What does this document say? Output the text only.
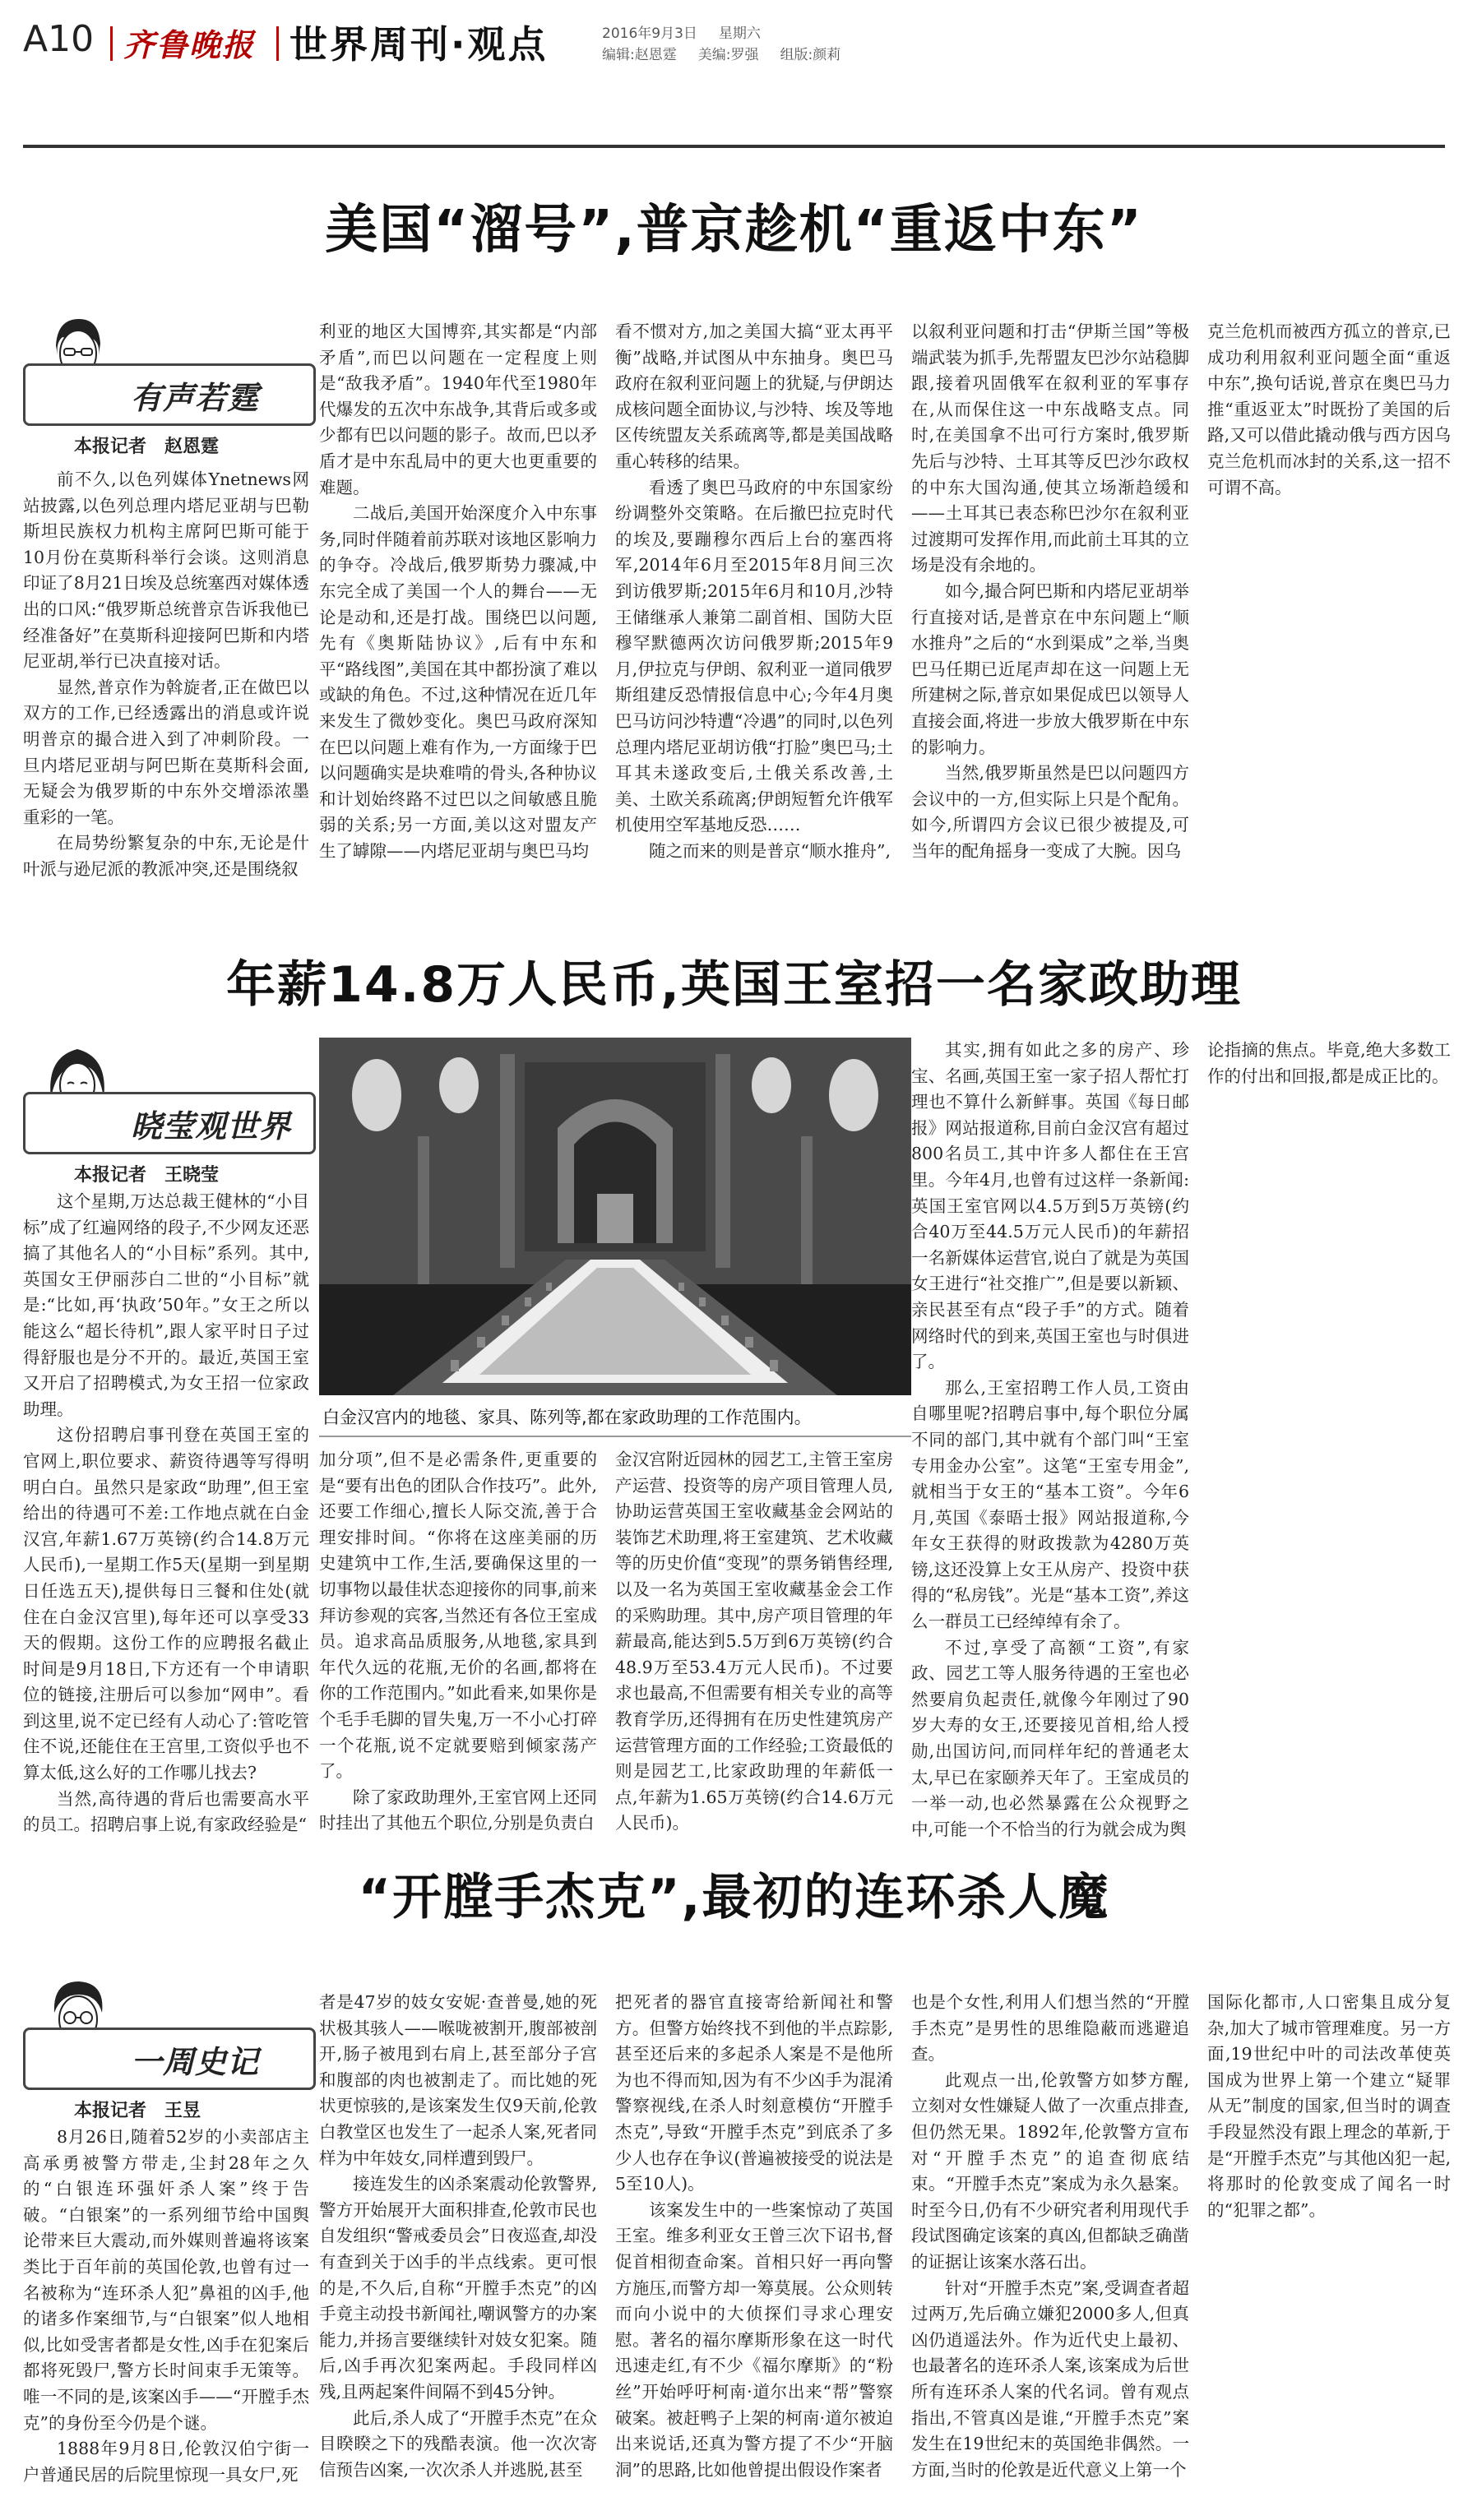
A10 齐鲁晚报 世界周刊·观点	2016年9月3日 星期六
编辑:赵恩霆 美编:罗强 组版:颜莉
美国“溜号”,普京趁机“重返中东”
有声若霆
本报记者　赵恩霆

前不久,以色列媒体Ynetnews网站披露,以色列总理内塔尼亚胡与巴勒斯坦民族权力机构主席阿巴斯可能于10月份在莫斯科举行会谈。这则消息印证了8月21日埃及总统塞西对媒体透出的口风:“俄罗斯总统普京告诉我他已经准备好”在莫斯科迎接阿巴斯和内塔尼亚胡,举行已决直接对话。

显然,普京作为斡旋者,正在做巴以双方的工作,已经透露出的消息或许说明普京的撮合进入到了冲刺阶段。一旦内塔尼亚胡与阿巴斯在莫斯科会面,无疑会为俄罗斯的中东外交增添浓墨重彩的一笔。

在局势纷繁复杂的中东,无论是什叶派与逊尼派的教派冲突,还是围绕叙

利亚的地区大国博弈,其实都是“内部矛盾”,而巴以问题在一定程度上则是“敌我矛盾”。1940年代至1980年代爆发的五次中东战争,其背后或多或少都有巴以问题的影子。故而,巴以矛盾才是中东乱局中的更大也更重要的难题。

二战后,美国开始深度介入中东事务,同时伴随着前苏联对该地区影响力的争夺。冷战后,俄罗斯势力骤减,中东完全成了美国一个人的舞台——无论是动和,还是打战。围绕巴以问题,先有《奥斯陆协议》,后有中东和平“路线图”,美国在其中都扮演了难以或缺的角色。不过,这种情况在近几年来发生了微妙变化。奥巴马政府深知在巴以问题上难有作为,一方面缘于巴以问题确实是块难啃的骨头,各种协议和计划始终路不过巴以之间敏感且脆弱的关系;另一方面,美以这对盟友产生了罅隙——内塔尼亚胡与奥巴马均

看不惯对方,加之美国大搞“亚太再平衡”战略,并试图从中东抽身。奥巴马政府在叙利亚问题上的犹疑,与伊朗达成核问题全面协议,与沙特、埃及等地区传统盟友关系疏离等,都是美国战略重心转移的结果。

看透了奥巴马政府的中东国家纷纷调整外交策略。在后撤巴拉克时代的埃及,要蹦穆尔西后上台的塞西将军,2014年6月至2015年8月间三次到访俄罗斯;2015年6月和10月,沙特王储继承人兼第二副首相、国防大臣穆罕默德两次访问俄罗斯;2015年9月,伊拉克与伊朗、叙利亚一道同俄罗斯组建反恐情报信息中心;今年4月奥巴马访问沙特遭“冷遇”的同时,以色列总理内塔尼亚胡访俄“打脸”奥巴马;土耳其未遂政变后,土俄关系改善,土美、土欧关系疏离;伊朗短暂允许俄军机使用空军基地反恐……

随之而来的则是普京“顺水推舟”,

以叙利亚问题和打击“伊斯兰国”等极端武装为抓手,先帮盟友巴沙尔站稳脚跟,接着巩固俄军在叙利亚的军事存在,从而保住这一中东战略支点。同时,在美国拿不出可行方案时,俄罗斯先后与沙特、土耳其等反巴沙尔政权的中东大国沟通,使其立场渐趋缓和——土耳其已表态称巴沙尔在叙利亚过渡期可发挥作用,而此前土耳其的立场是没有余地的。

如今,撮合阿巴斯和内塔尼亚胡举行直接对话,是普京在中东问题上“顺水推舟”之后的“水到渠成”之举,当奥巴马任期已近尾声却在这一问题上无所建树之际,普京如果促成巴以领导人直接会面,将进一步放大俄罗斯在中东的影响力。

当然,俄罗斯虽然是巴以问题四方会议中的一方,但实际上只是个配角。如今,所谓四方会议已很少被提及,可当年的配角摇身一变成了大腕。因乌

克兰危机而被西方孤立的普京,已成功利用叙利亚问题全面“重返中东”,换句话说,普京在奥巴马力推“重返亚太”时既扮了美国的后路,又可以借此撬动俄与西方因乌克兰危机而冰封的关系,这一招不可谓不高。

年薪14.8万人民币,英国王室招一名家政助理
晓莹观世界
本报记者　王晓莹
白金汉宫内的地毯、家具、陈列等,都在家政助理的工作范围内。

这个星期,万达总裁王健林的“小目标”成了红遍网络的段子,不少网友还恶搞了其他名人的“小目标”系列。其中,英国女王伊丽莎白二世的“小目标”就是:“比如,再‘执政’50年。”女王之所以能这么“超长待机”,跟人家平时日子过得舒服也是分不开的。最近,英国王室又开启了招聘模式,为女王招一位家政助理。

这份招聘启事刊登在英国王室的官网上,职位要求、薪资待遇等写得明明白白。虽然只是家政“助理”,但王室给出的待遇可不差:工作地点就在白金汉宫,年薪1.67万英镑(约合14.8万元人民币),一星期工作5天(星期一到星期日任选五天),提供每日三餐和住处(就住在白金汉宫里),每年还可以享受33天的假期。这份工作的应聘报名截止时间是9月18日,下方还有一个申请职位的链接,注册后可以参加“网申”。看到这里,说不定已经有人动心了:管吃管住不说,还能住在王宫里,工资似乎也不算太低,这么好的工作哪儿找去?

当然,高待遇的背后也需要高水平的员工。招聘启事上说,有家政经验是“

加分项”,但不是必需条件,更重要的是“要有出色的团队合作技巧”。此外,还要工作细心,擅长人际交流,善于合理安排时间。“你将在这座美丽的历史建筑中工作,生活,要确保这里的一切事物以最佳状态迎接你的同事,前来拜访参观的宾客,当然还有各位王室成员。追求高品质服务,从地毯,家具到年代久远的花瓶,无价的名画,都将在你的工作范围内。”如此看来,如果你是个毛手毛脚的冒失鬼,万一不小心打碎一个花瓶,说不定就要赔到倾家荡产了。

除了家政助理外,王室官网上还同时挂出了其他五个职位,分别是负责白

金汉宫附近园林的园艺工,主管王室房产运营、投资等的房产项目管理人员,协助运营英国王室收藏基金会网站的装饰艺术助理,将王室建筑、艺术收藏等的历史价值“变现”的票务销售经理,以及一名为英国王室收藏基金会工作的采购助理。其中,房产项目管理的年薪最高,能达到5.5万到6万英镑(约合48.9万至53.4万元人民币)。不过要求也最高,不但需要有相关专业的高等教育学历,还得拥有在历史性建筑房产运营管理方面的工作经验;工资最低的则是园艺工,比家政助理的年薪低一点,年薪为1.65万英镑(约合14.6万元人民币)。

其实,拥有如此之多的房产、珍宝、名画,英国王室一家子招人帮忙打理也不算什么新鲜事。英国《每日邮报》网站报道称,目前白金汉宫有超过800名员工,其中许多人都住在王宫里。今年4月,也曾有过这样一条新闻:英国王室官网以4.5万到5万英镑(约合40万至44.5万元人民币)的年薪招一名新媒体运营官,说白了就是为英国女王进行“社交推广”,但是要以新颖、亲民甚至有点“段子手”的方式。随着网络时代的到来,英国王室也与时俱进了。

那么,王室招聘工作人员,工资由自哪里呢?招聘启事中,每个职位分属不同的部门,其中就有个部门叫“王室专用金办公室”。这笔“王室专用金”,就相当于女王的“基本工资”。今年6月,英国《泰晤士报》网站报道称,今年女王获得的财政拨款为4280万英镑,这还没算上女王从房产、投资中获得的“私房钱”。光是“基本工资”,养这么一群员工已经绰绰有余了。

不过,享受了高额“工资”,有家政、园艺工等人服务待遇的王室也必然要肩负起责任,就像今年刚过了90岁大寿的女王,还要接见首相,给人授勋,出国访问,而同样年纪的普通老太太,早已在家颐养天年了。王室成员的一举一动,也必然暴露在公众视野之中,可能一个不恰当的行为就会成为舆

论指摘的焦点。毕竟,绝大多数工作的付出和回报,都是成正比的。

“开膛手杰克”,最初的连环杀人魔
一周史记
本报记者　王昱

8月26日,随着52岁的小卖部店主高承勇被警方带走,尘封28年之久的“白银连环强奸杀人案”终于告破。“白银案”的一系列细节给中国舆论带来巨大震动,而外媒则普遍将该案类比于百年前的英国伦敦,也曾有过一名被称为“连环杀人犯”鼻祖的凶手,他的诸多作案细节,与“白银案”似人地相似,比如受害者都是女性,凶手在犯案后都将死毁尸,警方长时间束手无策等。唯一不同的是,该案凶手——“开膛手杰克”的身份至今仍是个谜。

1888年9月8日,伦敦汉伯宁街一户普通民居的后院里惊现一具女尸,死

者是47岁的妓女安妮·查普曼,她的死状极其骇人——喉咙被割开,腹部被剖开,肠子被甩到右肩上,甚至部分子宫和腹部的肉也被割走了。而比她的死状更惊骇的,是该案发生仅9天前,伦敦白教堂区也发生了一起杀人案,死者同样为中年妓女,同样遭到毁尸。

接连发生的凶杀案震动伦敦警界,警方开始展开大面积排查,伦敦市民也自发组织“警戒委员会”日夜巡查,却没有查到关于凶手的半点线索。更可恨的是,不久后,自称“开膛手杰克”的凶手竟主动投书新闻社,嘲讽警方的办案能力,并扬言要继续针对妓女犯案。随后,凶手再次犯案两起。手段同样凶残,且两起案件间隔不到45分钟。

此后,杀人成了“开膛手杰克”在众目睽睽之下的残酷表演。他一次次寄信预告凶案,一次次杀人并逃脱,甚至

把死者的器官直接寄给新闻社和警方。但警方始终找不到他的半点踪影,甚至还后来的多起杀人案是不是他所为也不得而知,因为有不少凶手为混淆警察视线,在杀人时刻意模仿“开膛手杰克”,导致“开膛手杰克”到底杀了多少人也存在争议(普遍被接受的说法是5至10人)。

该案发生中的一些案惊动了英国王室。维多利亚女王曾三次下诏书,督促首相彻查命案。首相只好一再向警方施压,而警方却一筹莫展。公众则转而向小说中的大侦探们寻求心理安慰。著名的福尔摩斯形象在这一时代迅速走红,有不少《福尔摩斯》的“粉丝”开始呼吁柯南·道尔出来“帮”警察破案。被赶鸭子上架的柯南·道尔被迫出来说话,还真为警方提了不少“开脑洞”的思路,比如他曾提出假设作案者

也是个女性,利用人们想当然的“开膛手杰克”是男性的思维隐蔽而逃避追查。

此观点一出,伦敦警方如梦方醒,立刻对女性嫌疑人做了一次重点排查,但仍然无果。1892年,伦敦警方宣布对“开膛手杰克”的追查彻底结束。“开膛手杰克”案成为永久悬案。时至今日,仍有不少研究者利用现代手段试图确定该案的真凶,但都缺乏确凿的证据让该案水落石出。

针对“开膛手杰克”案,受调查者超过两万,先后确立嫌犯2000多人,但真凶仍逍遥法外。作为近代史上最初、也最著名的连环杀人案,该案成为后世所有连环杀人案的代名词。曾有观点指出,不管真凶是谁,“开膛手杰克”案发生在19世纪末的英国绝非偶然。一方面,当时的伦敦是近代意义上第一个

国际化都市,人口密集且成分复杂,加大了城市管理难度。另一方面,19世纪中叶的司法改革使英国成为世界上第一个建立“疑罪从无”制度的国家,但当时的调查手段显然没有跟上理念的革新,于是“开膛手杰克”与其他凶犯一起,将那时的伦敦变成了闻名一时的“犯罪之都”。
